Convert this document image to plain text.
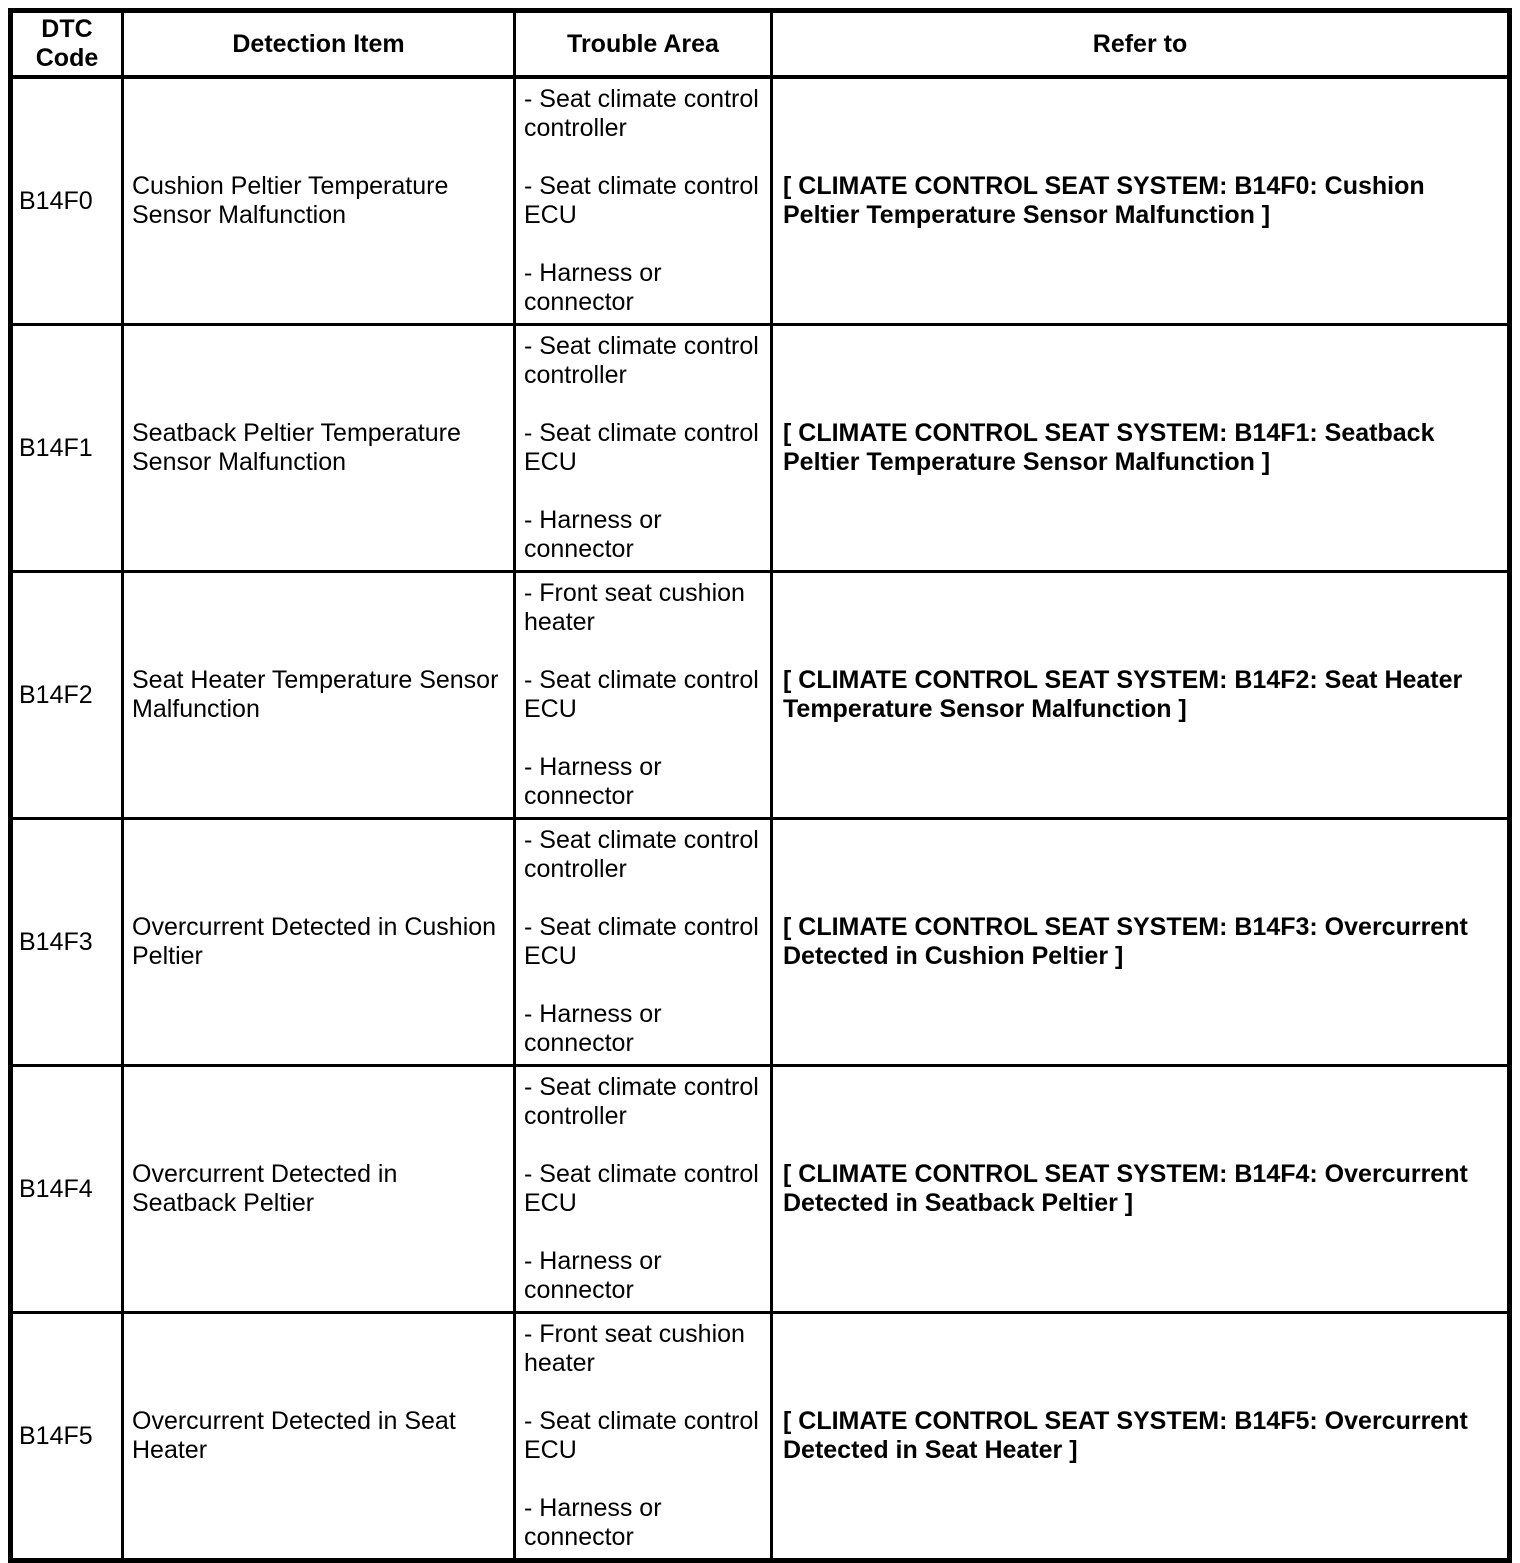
DTC Code	Detection Item	Trouble Area	Refer to
B14F0	Cushion Peltier Temperature Sensor Malfunction	- Seat climate control controller
- Seat climate control ECU
- Harness or connector	[ CLIMATE CONTROL SEAT SYSTEM: B14F0: Cushion Peltier Temperature Sensor Malfunction ]
B14F1	Seatback Peltier Temperature Sensor Malfunction	- Seat climate control controller
- Seat climate control ECU
- Harness or connector	[ CLIMATE CONTROL SEAT SYSTEM: B14F1: Seatback Peltier Temperature Sensor Malfunction ]
B14F2	Seat Heater Temperature Sensor Malfunction	- Front seat cushion heater
- Seat climate control ECU
- Harness or connector	[ CLIMATE CONTROL SEAT SYSTEM: B14F2: Seat Heater Temperature Sensor Malfunction ]
B14F3	Overcurrent Detected in Cushion Peltier	- Seat climate control controller
- Seat climate control ECU
- Harness or connector	[ CLIMATE CONTROL SEAT SYSTEM: B14F3: Overcurrent Detected in Cushion Peltier ]
B14F4	Overcurrent Detected in Seatback Peltier	- Seat climate control controller
- Seat climate control ECU
- Harness or connector	[ CLIMATE CONTROL SEAT SYSTEM: B14F4: Overcurrent Detected in Seatback Peltier ]
B14F5	Overcurrent Detected in Seat Heater	- Front seat cushion heater
- Seat climate control ECU
- Harness or connector	[ CLIMATE CONTROL SEAT SYSTEM: B14F5: Overcurrent Detected in Seat Heater ]
